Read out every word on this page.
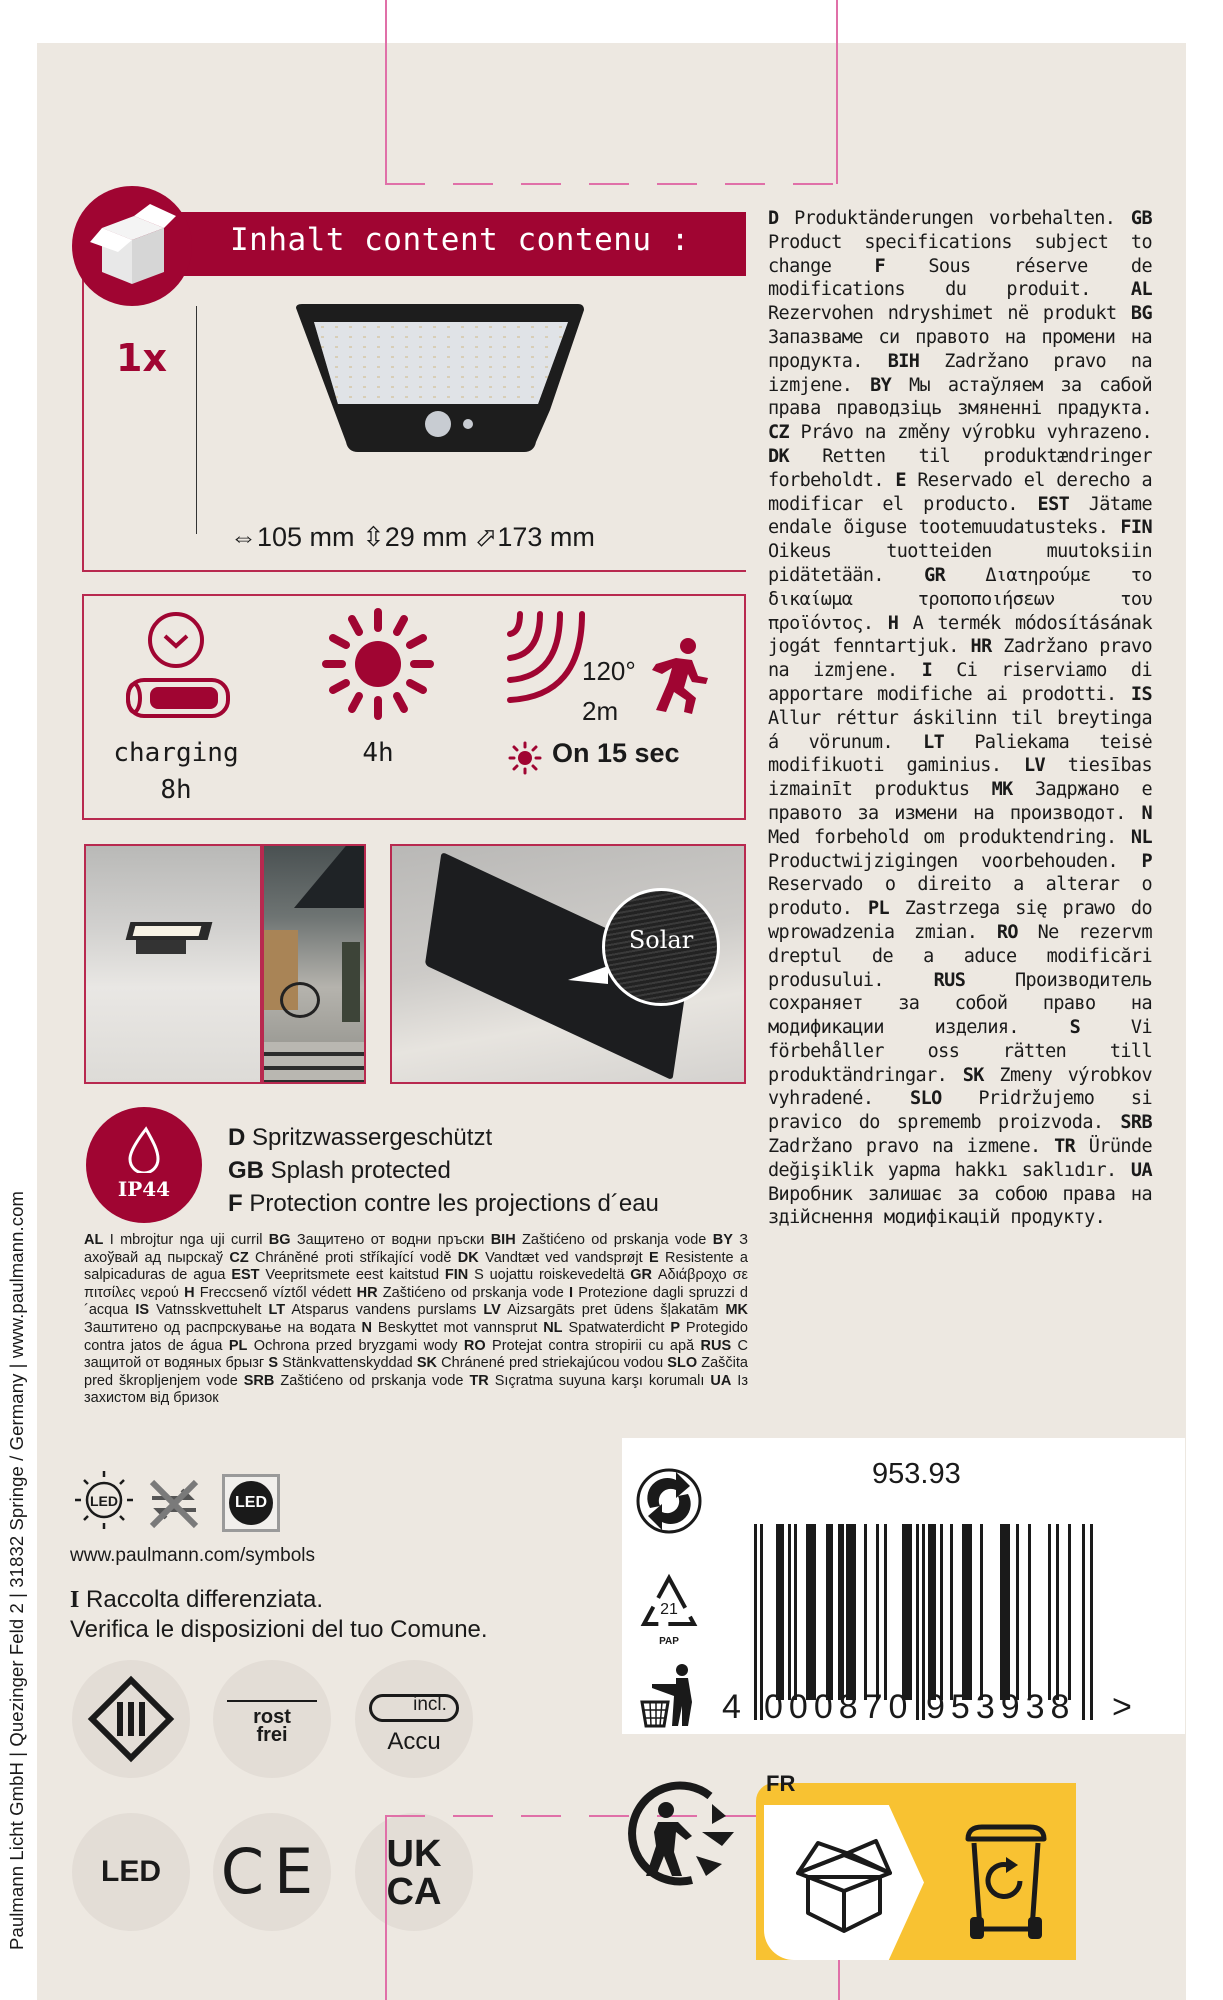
Paulmann Licht GmbH | Quezinger Feld 2 | 31832 Springe / Germany | www.paulmann.com
Inhalt content contenu :
1x
⇔105 mm ⇳29 mm ⬀173 mm
charging
8h
4h
120°
2m
On 15 sec
Solar
IP44
D Spritzwassergeschützt
GB Splash protected
F Protection contre les projections d´eau
AL I mbrojtur nga uji curril BG Защитено от водни пръски BIH Zaštićeno od prskanja vode BY З ахоўвай ад пырскаў CZ Chráněné proti stříkající vodě DK Vandtæt ved vandsprøjt E Resistente a salpicaduras de agua EST Veepritsmete eest kaitstud FIN S uojattu roiskevedeltä GR Αδιάβροχο σε πιτσίλες νερού H Freccsenő víztől védett HR Zaštićeno od prskanja vode I Protezione dagli spruzzi d´acqua IS Vatnsskvettuhelt LT Atsparus vandens purslams LV Aizsargāts pret ūdens šļakatām MK Заштитено од распрскување на водата N Beskyttet mot vannsprut NL Spatwaterdicht P Protegido contra jatos de água PL Ochrona przed bryzgami wody RO Protejat contra stropirii cu apă RUS С защитой от водяных брызг S Stänkvattenskyddad SK Chránené pred striekajúcou vodou SLO Zaščita pred škropljenjem vode SRB Zaštićeno od prskanja vode TR Sıçratma suyuna karşı korumalı UA Із захистом від бризок
D Produktänderungen vorbehalten. GB Product specifications subject to change F Sous réserve de modifications du produit. AL Rezervohen ndryshimet në produkt BG Запазваме си правото на промени на продукта. BIH Zadržano pravo na izmjene. BY Мы астаўляем за сабой права праводзіць змяненні прадукта. CZ Právo na změny výrobku vyhrazeno. DK Retten til produktændringer forbeholdt. E Reservado el derecho a modificar el producto. EST Jätame endale õiguse tootemuudatusteks. FIN Oikeus tuotteiden muutoksiin pidätetään. GR Διατηρούμε το δικαίωμα τροποποιήσεων του προϊόντος. H A termék módosításának jogát fenntartjuk. HR Zadržano pravo na izmjene. I Ci riserviamo di apportare modifiche ai prodotti. IS Allur réttur áskilinn til breytinga á vörunum. LT Paliekama teisė modifikuoti gaminius. LV tiesības izmainīt produktus MK Задржано е правото за измени на производот. N Med forbehold om produktendring. NL Productwijzigingen voorbehouden. P Reservado o direito a alterar o produto. PL Zastrzega się prawo do wprowadzenia zmian. RO Ne rezervm dreptul de a aduce modificări produsului. RUS Производитель сохраняет за собой право на модификации изделия. S Vi förbehåller oss rätten till produktändringar. SK Zmeny výrobkov vyhradené. SLO Pridržujemo si pravico do sprememb proizvoda. SRB Zadržano pravo na izmene. TR Üründe değişiklik yapma hakkı saklıdır. UA Виробник залишає за собою права на здійснення модифікацій продукту.
LED	LED
www.paulmann.com/symbols
I Raccolta differenziata.
Verifica le disposizioni del tuo Comune.
rost
frei
incl.
Accu
LED CE	UK
CA
21
PAP
953.93
4 000870 953938 >
FR
